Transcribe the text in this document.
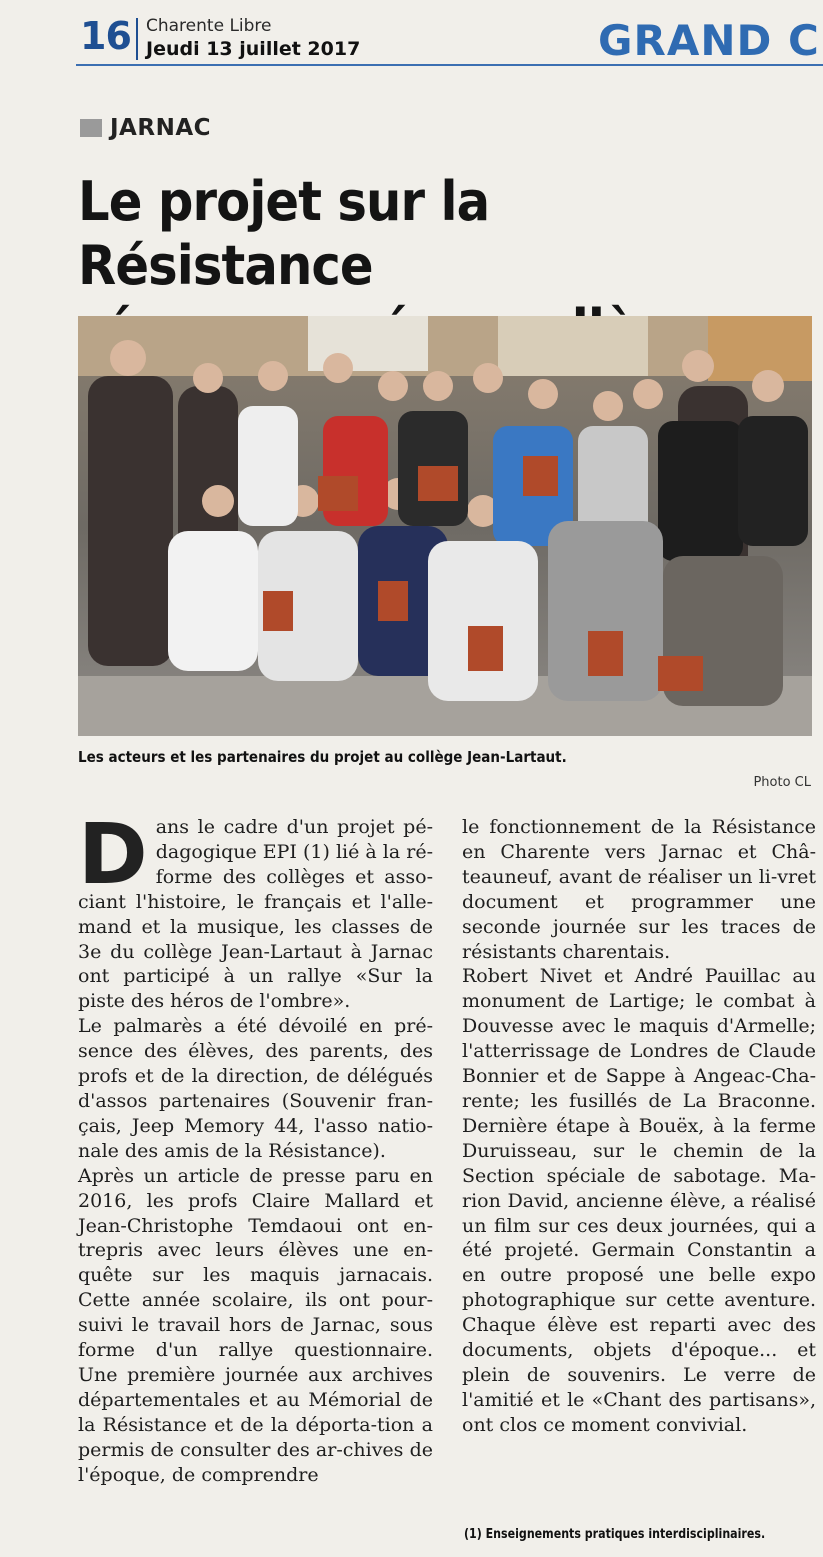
16 Charente Libre
Jeudi 13 juillet 2017	GRAND C
JARNAC
Le projet sur la Résistance

Les acteurs et les partenaires du projet au collège Jean-Lartaut.
Photo CL
D ans le cadre d'un projet pé-dagogique EPI (1) lié à la ré-forme des collèges et asso-ciant l'histoire, le français et l'alle-mand et la musique, les classes de 3e du collège Jean-Lartaut à Jarnac ont participé à un rallye «Sur la piste des héros de l'ombre».

Le palmarès a été dévoilé en pré-sence des élèves, des parents, des profs et de la direction, de délégués d'assos partenaires (Souvenir fran-çais, Jeep Memory 44, l'asso natio-nale des amis de la Résistance).

Après un article de presse paru en 2016, les profs Claire Mallard et Jean-Christophe Temdaoui ont en-trepris avec leurs élèves une en-quête sur les maquis jarnacais. Cette année scolaire, ils ont pour-suivi le travail hors de Jarnac, sous forme d'un rallye questionnaire. Une première journée aux archives départementales et au Mémorial de la Résistance et de la déporta-tion a permis de consulter des ar-chives de l'époque, de comprendre

le fonctionnement de la Résistance en Charente vers Jarnac et Châ-teauneuf, avant de réaliser un li-vret document et programmer une seconde journée sur les traces de résistants charentais.

Robert Nivet et André Pauillac au monument de Lartige; le combat à Douvesse avec le maquis d'Armelle; l'atterrissage de Londres de Claude Bonnier et de Sappe à Angeac-Cha-rente; les fusillés de La Braconne. Dernière étape à Bouëx, à la ferme Duruisseau, sur le chemin de la Section spéciale de sabotage. Ma-rion David, ancienne élève, a réalisé un film sur ces deux journées, qui a été projeté. Germain Constantin a en outre proposé une belle expo photographique sur cette aventure. Chaque élève est reparti avec des documents, objets d'époque... et plein de souvenirs. Le verre de l'amitié et le «Chant des partisans», ont clos ce moment convivial.

(1) Enseignements pratiques interdisciplinaires.
